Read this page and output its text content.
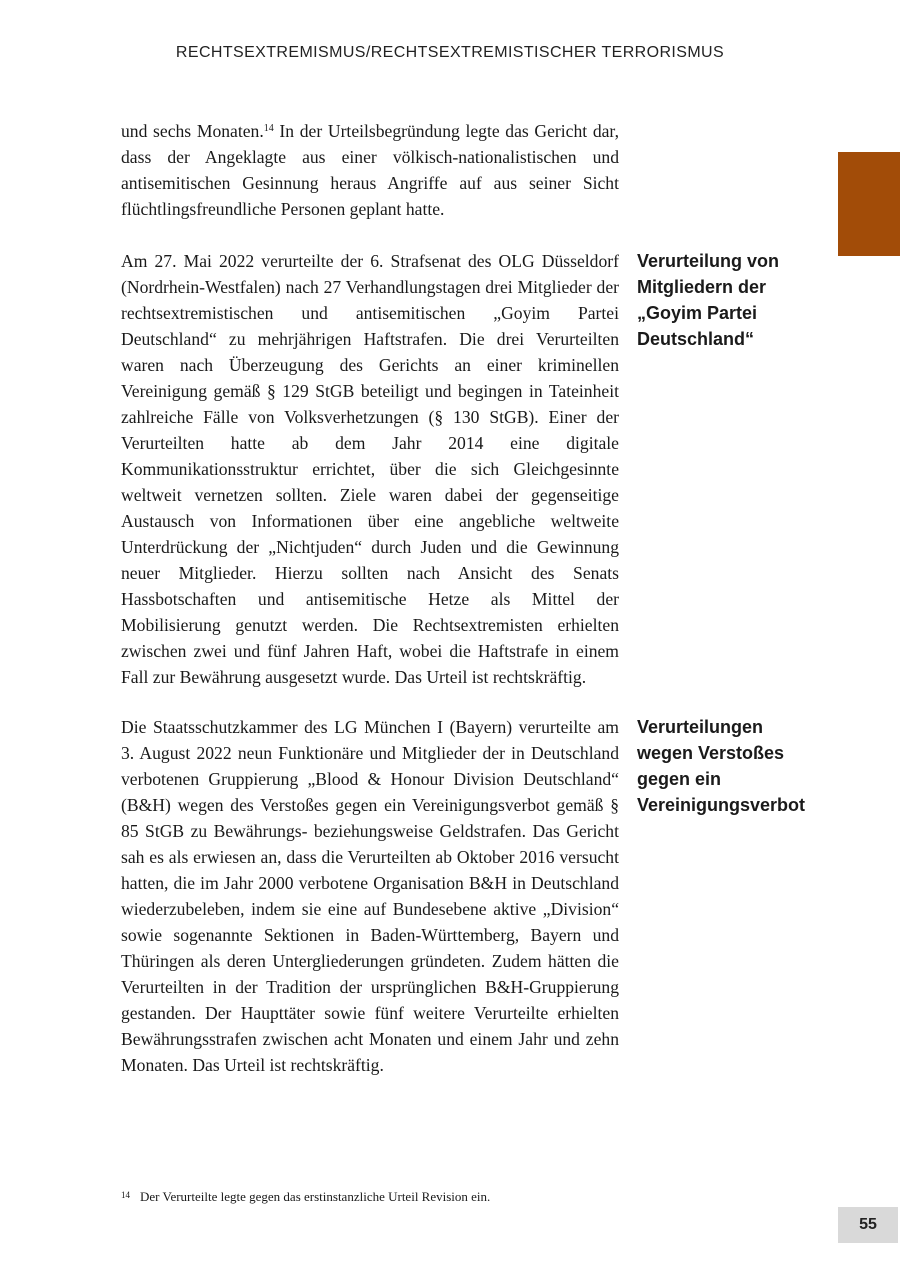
RECHTSEXTREMISMUS/RECHTSEXTREMISTISCHER TERRORISMUS

und sechs Monaten.$^{14}$ In der Urteilsbegründung legte das Gericht dar, dass der Angeklagte aus einer völkisch-nationalistischen und antisemitischen Gesinnung heraus Angriffe auf aus seiner Sicht flüchtlingsfreundliche Personen geplant hatte.

Am 27. Mai 2022 verurteilte der 6. Strafsenat des OLG Düsseldorf (Nordrhein-Westfalen) nach 27 Verhandlungstagen drei Mitglieder der rechtsextremistischen und antisemitischen „Goyim Partei Deutschland“ zu mehrjährigen Haftstrafen. Die drei Verurteilten waren nach Überzeugung des Gerichts an einer kriminellen Vereinigung gemäß § 129 StGB beteiligt und begingen in Tateinheit zahlreiche Fälle von Volksverhetzungen (§ 130 StGB). Einer der Verurteilten hatte ab dem Jahr 2014 eine digitale Kommunikationsstruktur errichtet, über die sich Gleichgesinnte weltweit vernetzen sollten. Ziele waren dabei der gegenseitige Austausch von Informationen über eine angebliche weltweite Unterdrückung der „Nichtjuden“ durch Juden und die Gewinnung neuer Mitglieder. Hierzu sollten nach Ansicht des Senats Hassbotschaften und antisemitische Hetze als Mittel der Mobilisierung genutzt werden. Die Rechtsextremisten erhielten zwischen zwei und fünf Jahren Haft, wobei die Haftstrafe in einem Fall zur Bewährung ausgesetzt wurde. Das Urteil ist rechtskräftig.

Die Staatsschutzkammer des LG München I (Bayern) verurteilte am 3. August 2022 neun Funktionäre und Mitglieder der in Deutschland verbotenen Gruppierung „Blood & Honour Division Deutschland“ (B&H) wegen des Verstoßes gegen ein Vereinigungsverbot gemäß § 85 StGB zu Bewährungs- beziehungsweise Geldstrafen. Das Gericht sah es als erwiesen an, dass die Verurteilten ab Oktober 2016 versucht hatten, die im Jahr 2000 verbotene Organisation B&H in Deutschland wiederzubeleben, indem sie eine auf Bundesebene aktive „Division“ sowie sogenannte Sektionen in Baden-Württemberg, Bayern und Thüringen als deren Untergliederungen gründeten. Zudem hätten die Verurteilten in der Tradition der ursprünglichen B&H-Gruppierung gestanden. Der Haupttäter sowie fünf weitere Verurteilte erhielten Bewährungsstrafen zwischen acht Monaten und einem Jahr und zehn Monaten. Das Urteil ist rechtskräftig.

Verurteilung von
Mitgliedern der
„Goyim Partei
Deutschland“
Verurteilungen
wegen Verstoßes
gegen ein
Vereinigungsverbot
$^{14}$ Der Verurteilte legte gegen das erstinstanzliche Urteil Revision ein.
55
